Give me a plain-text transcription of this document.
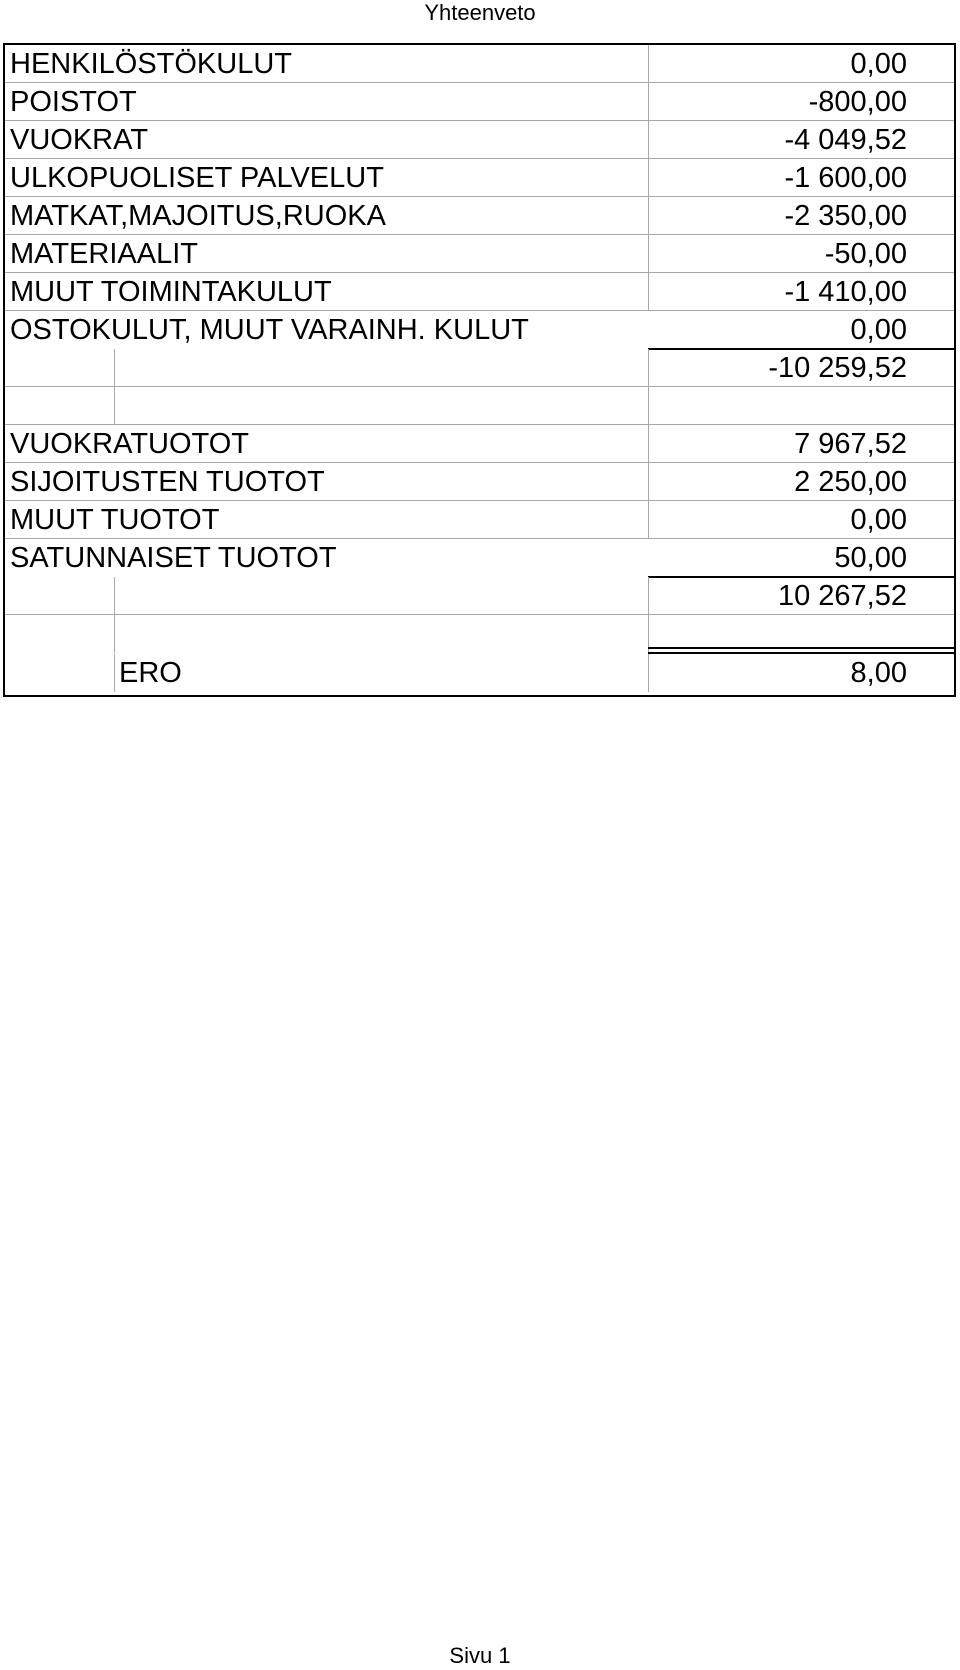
Yhteenveto
HENKILÖSTÖKULUT	0,00
POISTOT	-800,00
VUOKRAT	-4 049,52
ULKOPUOLISET PALVELUT	-1 600,00
MATKAT,MAJOITUS,RUOKA	-2 350,00
MATERIAALIT	-50,00
MUUT TOIMINTAKULUT	-1 410,00
OSTOKULUT, MUUT VARAINH. KULUT	0,00
-10 259,52
VUOKRATUOTOT	7 967,52
SIJOITUSTEN TUOTOT	2 250,00
MUUT TUOTOT	0,00
SATUNNAISET TUOTOT	50,00
10 267,52
ERO	8,00
Sivu 1
